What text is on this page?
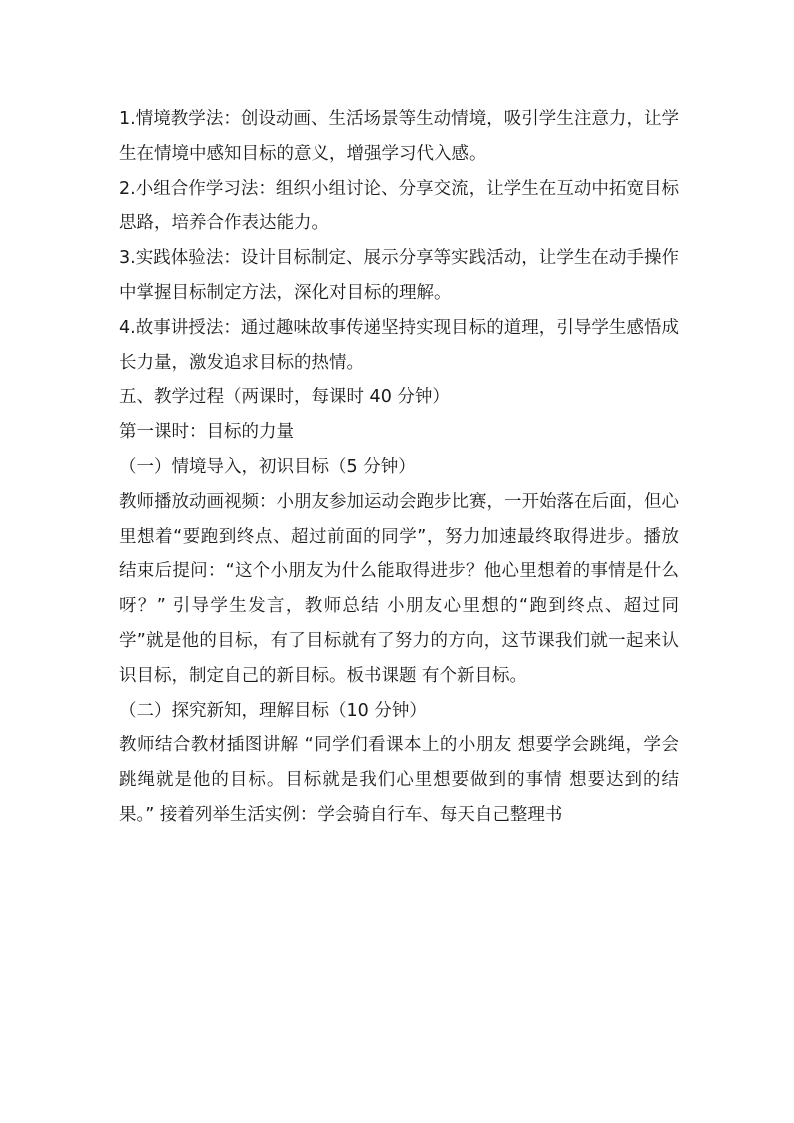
1.情境教学法：创设动画、生活场景等生动情境，吸引学生注意力，让学生在情境中感知目标的意义，增强学习代入感。

2.小组合作学习法：组织小组讨论、分享交流，让学生在互动中拓宽目标思路，培养合作表达能力。

3.实践体验法：设计目标制定、展示分享等实践活动，让学生在动手操作中掌握目标制定方法，深化对目标的理解。

4.故事讲授法：通过趣味故事传递坚持实现目标的道理，引导学生感悟成长力量，激发追求目标的热情。

五、教学过程（两课时，每课时 40 分钟）

第一课时：目标的力量

（一）情境导入，初识目标（5 分钟）

教师播放动画视频：小朋友参加运动会跑步比赛，一开始落在后面，但心里想着“要跑到终点、超过前面的同学”，努力加速最终取得进步。播放结束后提问：“这个小朋友为什么能取得进步？他心里想着的事情是什么呀？” 引导学生发言，教师总结 小朋友心里想的“跑到终点、超过同学”就是他的目标，有了目标就有了努力的方向，这节课我们就一起来认识目标，制定自己的新目标。板书课题 有个新目标。

（二）探究新知，理解目标（10 分钟）

教师结合教材插图讲解 “同学们看课本上的小朋友 想要学会跳绳，学会跳绳就是他的目标。目标就是我们心里想要做到的事情 想要达到的结果。” 接着列举生活实例：学会骑自行车、每天自己整理书
